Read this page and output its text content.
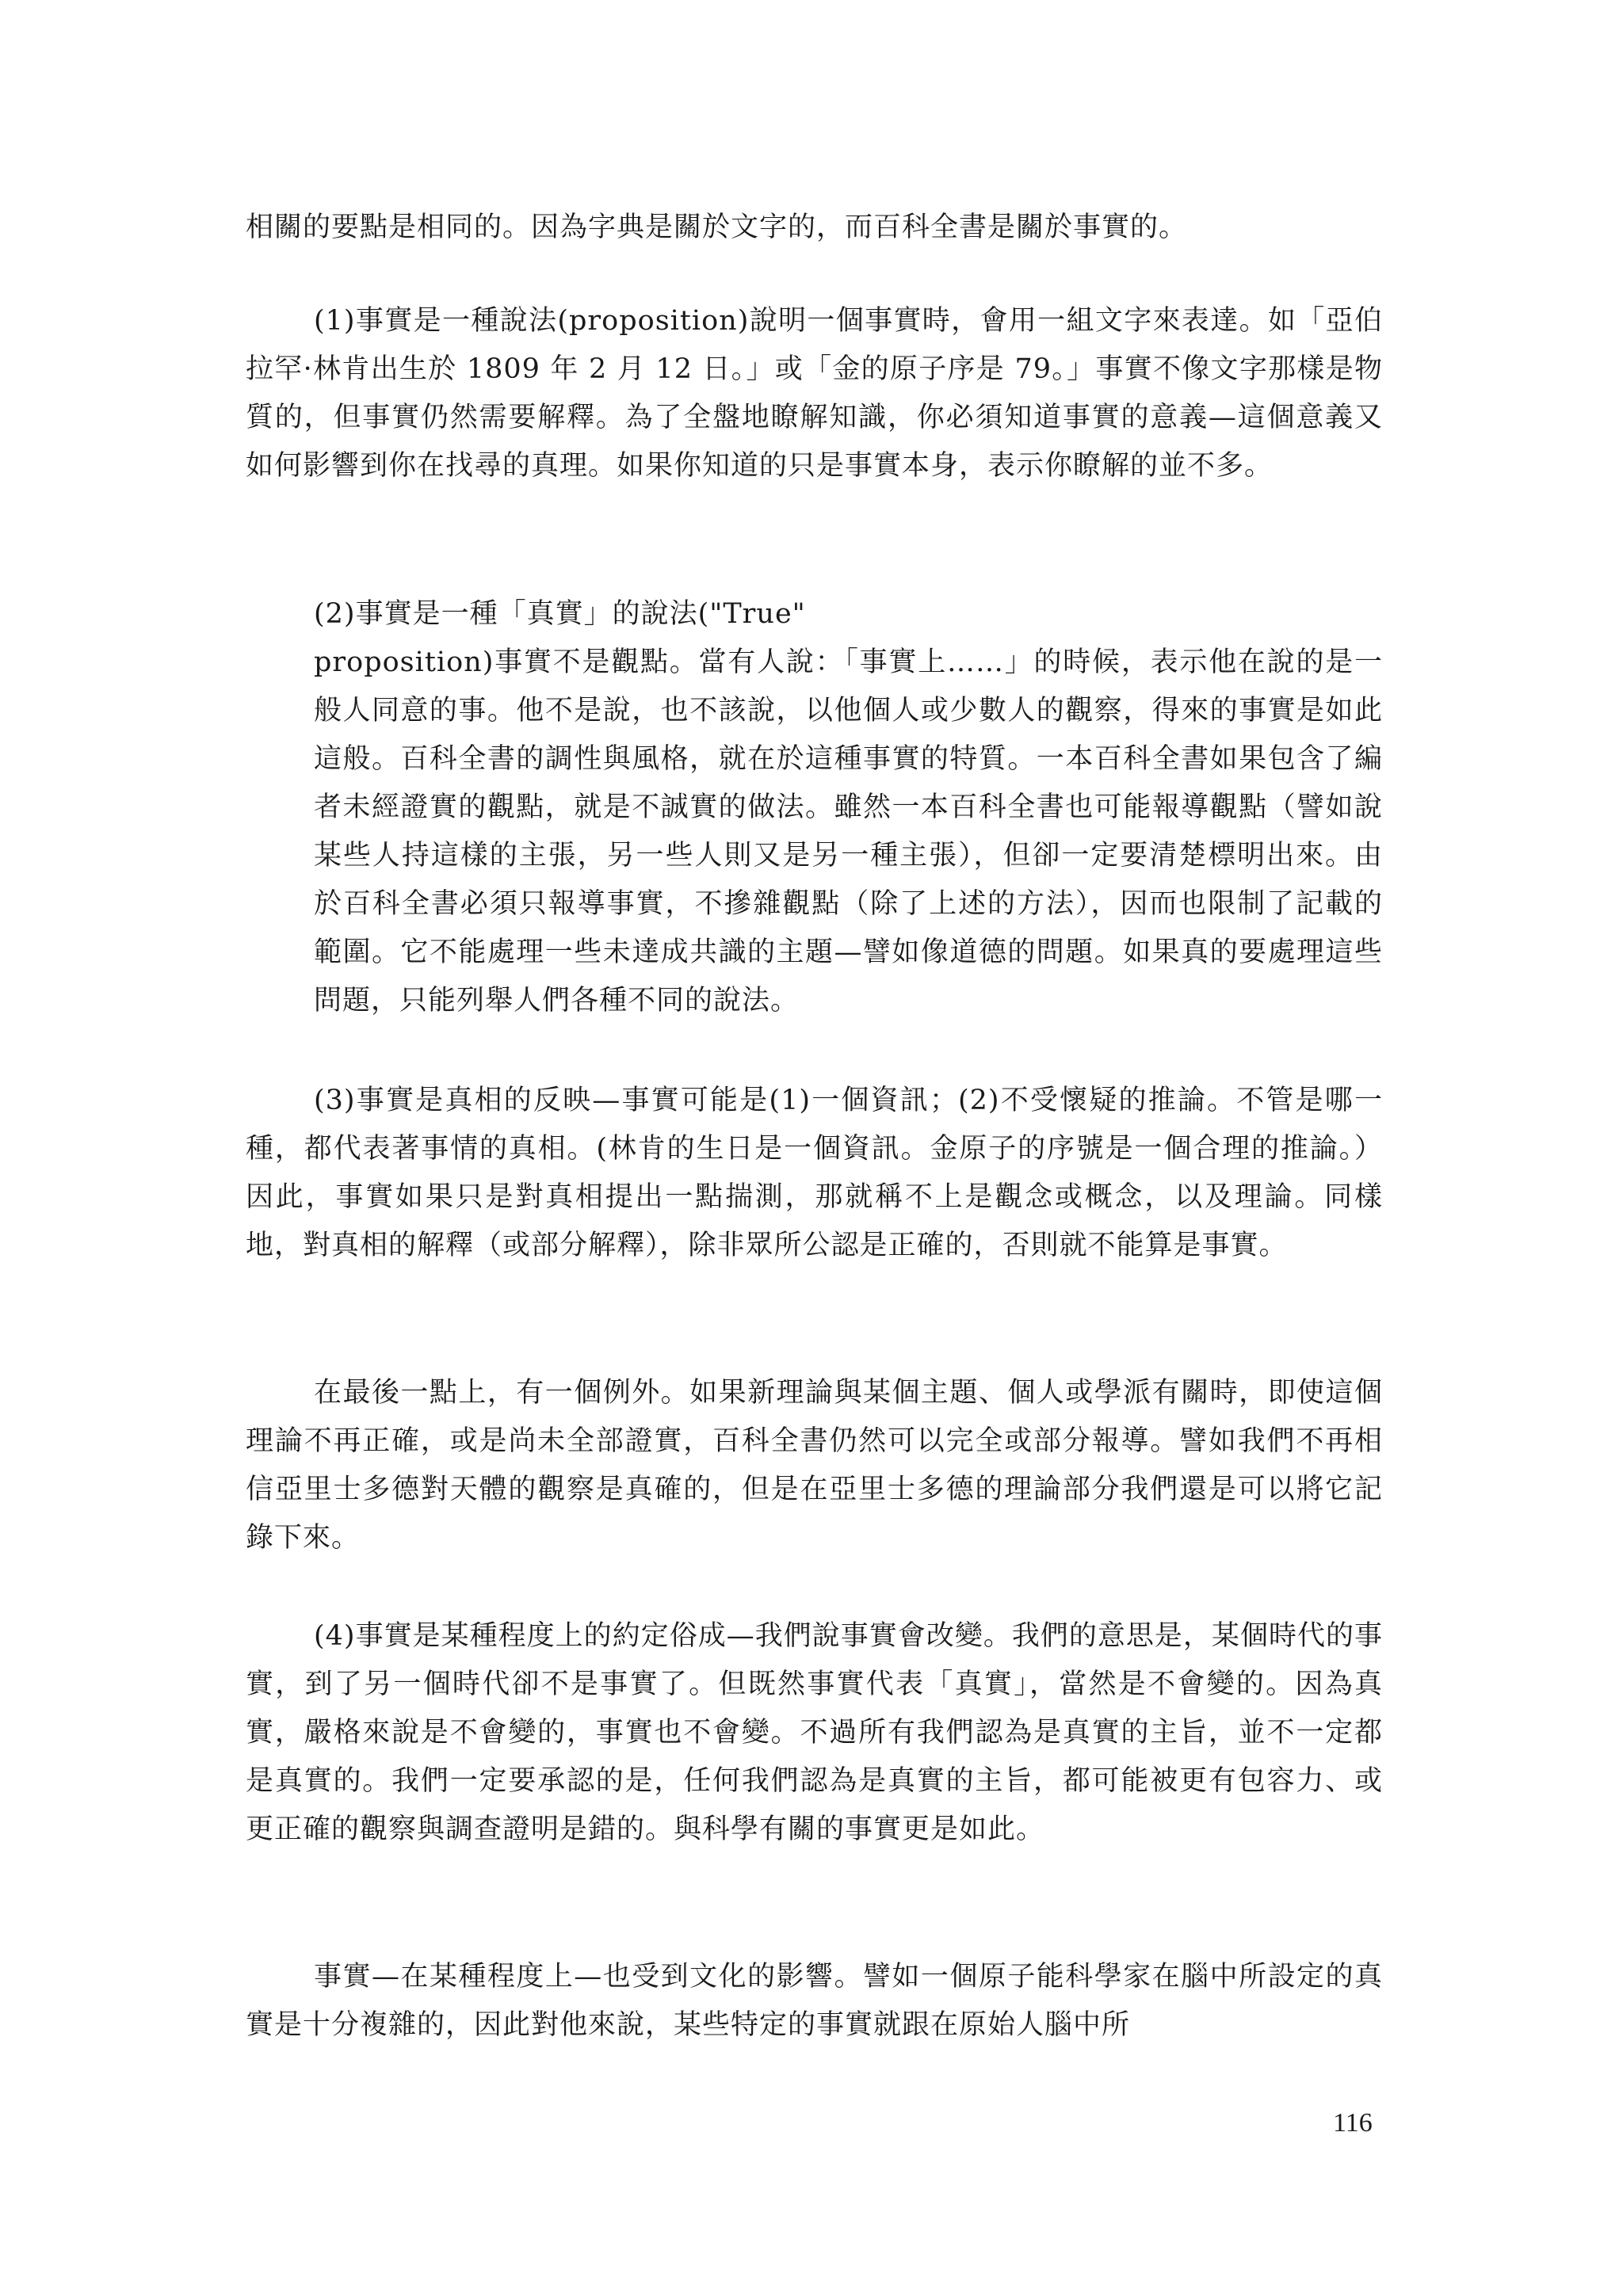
相關的要點是相同的。因為字典是關於文字的，而百科全書是關於事實的。

(1)事實是一種說法(proposition)說明一個事實時，會用一組文字來表達。如「亞伯拉罕·林肯出生於 1809 年 2 月 12 日。」或「金的原子序是 79。」事實不像文字那樣是物質的，但事實仍然需要解釋。為了全盤地瞭解知識，你必須知道事實的意義—這個意義又如何影響到你在找尋的真理。如果你知道的只是事實本身，表示你瞭解的並不多。

(2)事實是一種「真實」的說法("True"

proposition)事實不是觀點。當有人說：「事實上……」的時候，表示他在說的是一般人同意的事。他不是說，也不該說，以他個人或少數人的觀察，得來的事實是如此這般。百科全書的調性與風格，就在於這種事實的特質。一本百科全書如果包含了編者未經證實的觀點，就是不誠實的做法。雖然一本百科全書也可能報導觀點（譬如說某些人持這樣的主張，另一些人則又是另一種主張），但卻一定要清楚標明出來。由於百科全書必須只報導事實，不摻雜觀點（除了上述的方法），因而也限制了記載的範圍。它不能處理一些未達成共識的主題—譬如像道德的問題。如果真的要處理這些問題，只能列舉人們各種不同的說法。

(3)事實是真相的反映—事實可能是(1)一個資訊；(2)不受懷疑的推論。不管是哪一種，都代表著事情的真相。(林肯的生日是一個資訊。金原子的序號是一個合理的推論。）因此，事實如果只是對真相提出一點揣測，那就稱不上是觀念或概念，以及理論。同樣地，對真相的解釋（或部分解釋），除非眾所公認是正確的，否則就不能算是事實。

在最後一點上，有一個例外。如果新理論與某個主題、個人或學派有關時，即使這個理論不再正確，或是尚未全部證實，百科全書仍然可以完全或部分報導。譬如我們不再相信亞里士多德對天體的觀察是真確的，但是在亞里士多德的理論部分我們還是可以將它記錄下來。

(4)事實是某種程度上的約定俗成—我們說事實會改變。我們的意思是，某個時代的事實，到了另一個時代卻不是事實了。但既然事實代表「真實」，當然是不會變的。因為真實，嚴格來說是不會變的，事實也不會變。不過所有我們認為是真實的主旨，並不一定都是真實的。我們一定要承認的是，任何我們認為是真實的主旨，都可能被更有包容力、或更正確的觀察與調查證明是錯的。與科學有關的事實更是如此。

事實—在某種程度上—也受到文化的影響。譬如一個原子能科學家在腦中所設定的真實是十分複雜的，因此對他來說，某些特定的事實就跟在原始人腦中所

116
